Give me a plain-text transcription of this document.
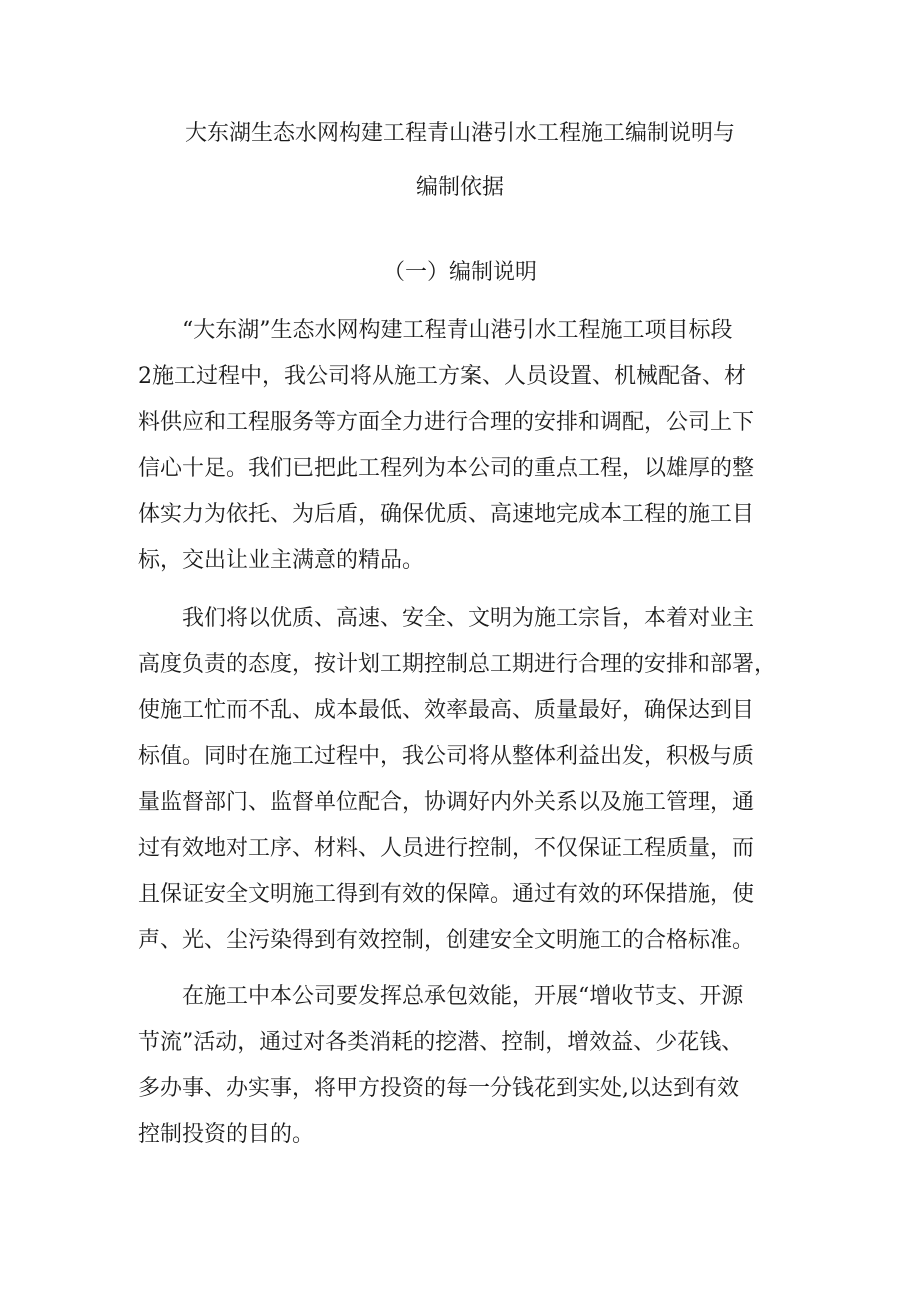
大东湖生态水网构建工程青山港引水工程施工编制说明与
编制依据
（一）编制说明
“大东湖”生态水网构建工程青山港引水工程施工项目标段
2施工过程中，我公司将从施工方案、人员设置、机械配备、材
料供应和工程服务等方面全力进行合理的安排和调配，公司上下
信心十足。我们已把此工程列为本公司的重点工程，以雄厚的整
体实力为依托、为后盾，确保优质、高速地完成本工程的施工目
标，交出让业主满意的精品。
我们将以优质、高速、安全、文明为施工宗旨，本着对业主
高度负责的态度，按计划工期控制总工期进行合理的安排和部署，
使施工忙而不乱、成本最低、效率最高、质量最好，确保达到目
标值。同时在施工过程中，我公司将从整体利益出发，积极与质
量监督部门、监督单位配合，协调好内外关系以及施工管理，通
过有效地对工序、材料、人员进行控制，不仅保证工程质量，而
且保证安全文明施工得到有效的保障。通过有效的环保措施，使
声、光、尘污染得到有效控制，创建安全文明施工的合格标准。
在施工中本公司要发挥总承包效能，开展“增收节支、开源
节流”活动，通过对各类消耗的挖潜、控制，增效益、少花钱、
多办事、办实事，将甲方投资的每一分钱花到实处,以达到有效
控制投资的目的。
